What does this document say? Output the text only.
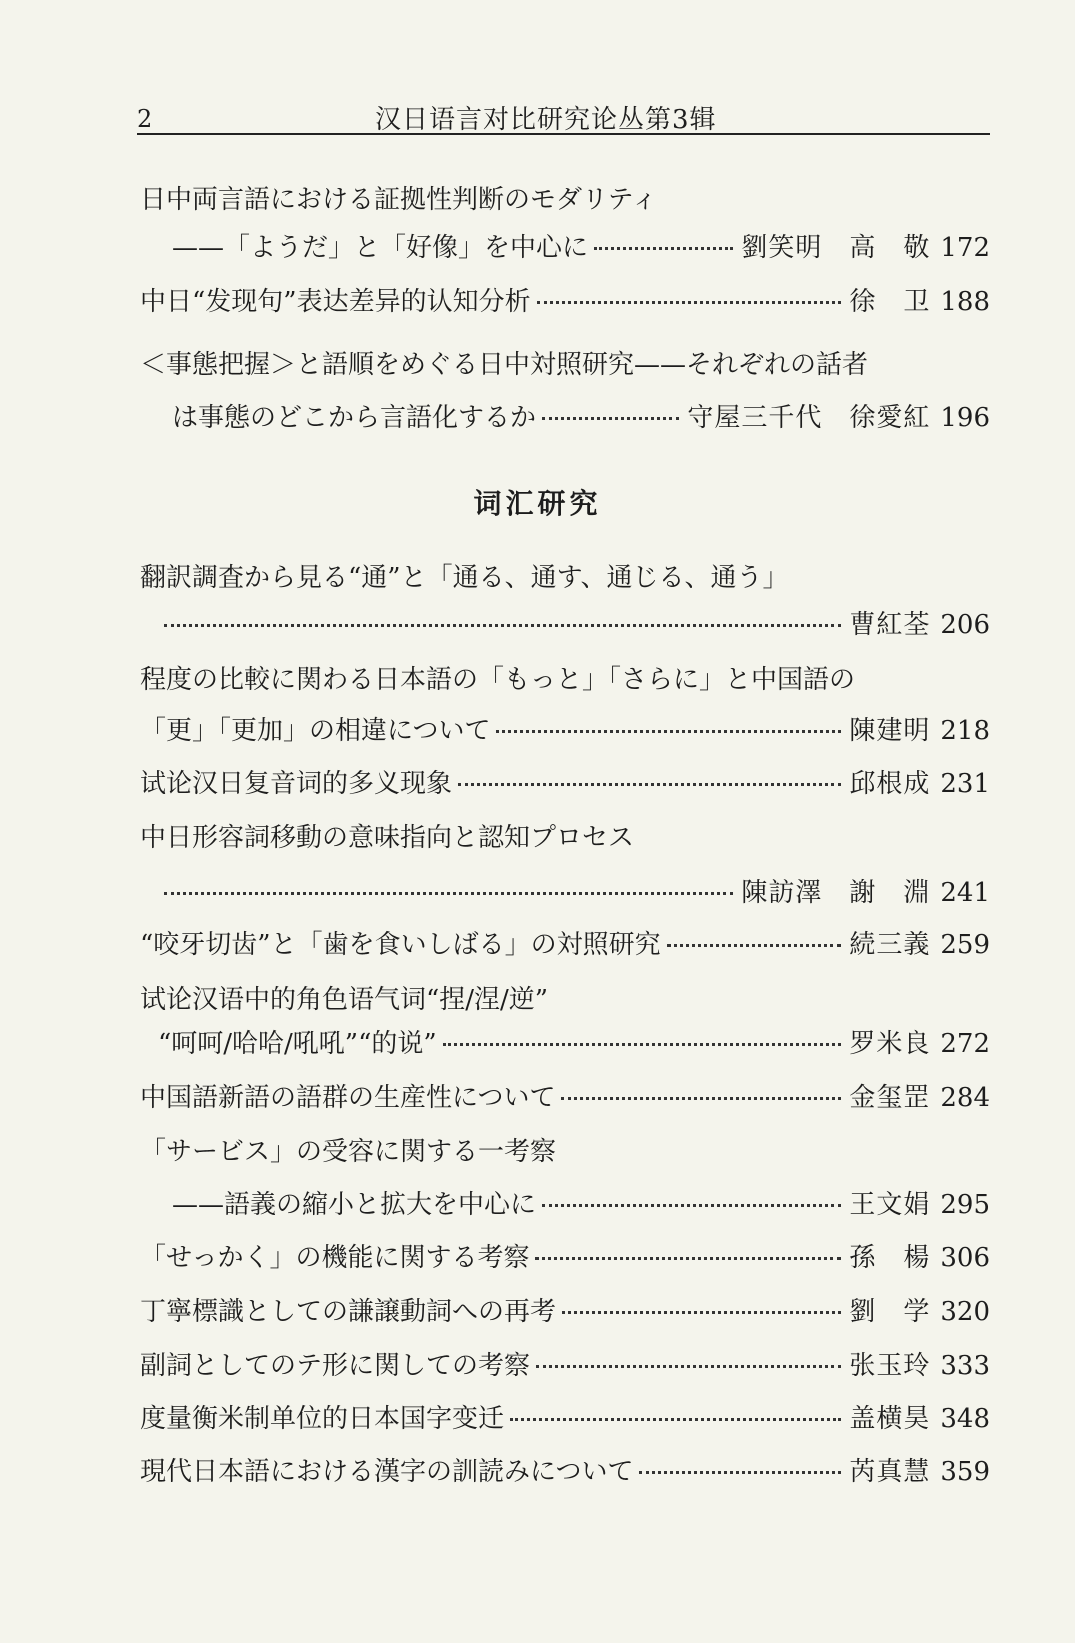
2	汉日语言对比研究论丛第3辑
日中両言語における証拠性判断のモダリティ
——「ようだ」と「好像」を中心に	劉笑明　高　敬 172
中日“发现句”表达差异的认知分析	徐　卫 188
＜事態把握＞と語順をめぐる日中対照研究——それぞれの話者
は事態のどこから言語化するか	守屋三千代　徐愛紅 196
词汇研究
翻訳調査から見る“通”と「通る、通す、通じる、通う」
曹紅荃 206
程度の比較に関わる日本語の「もっと」「さらに」と中国語の
「更」「更加」の相違について	陳建明 218
试论汉日复音词的多义现象	邱根成 231
中日形容詞移動の意味指向と認知プロセス
陳訪澤　謝　淵 241
“咬牙切齿”と「歯を食いしばる」の対照研究	続三義 259
试论汉语中的角色语气词“捏/涅/逆”
“呵呵/哈哈/吼吼”“的说”	罗米良 272
中国語新語の語群の生産性について	金玺罡 284
「サービス」の受容に関する一考察
——語義の縮小と拡大を中心に	王文娟 295
「せっかく」の機能に関する考察	孫　楊 306
丁寧標識としての謙譲動詞への再考	劉　学 320
副詞としてのテ形に関しての考察	张玉玲 333
度量衡米制单位的日本国字变迁	盖横昊 348
現代日本語における漢字の訓読みについて	芮真慧 359
